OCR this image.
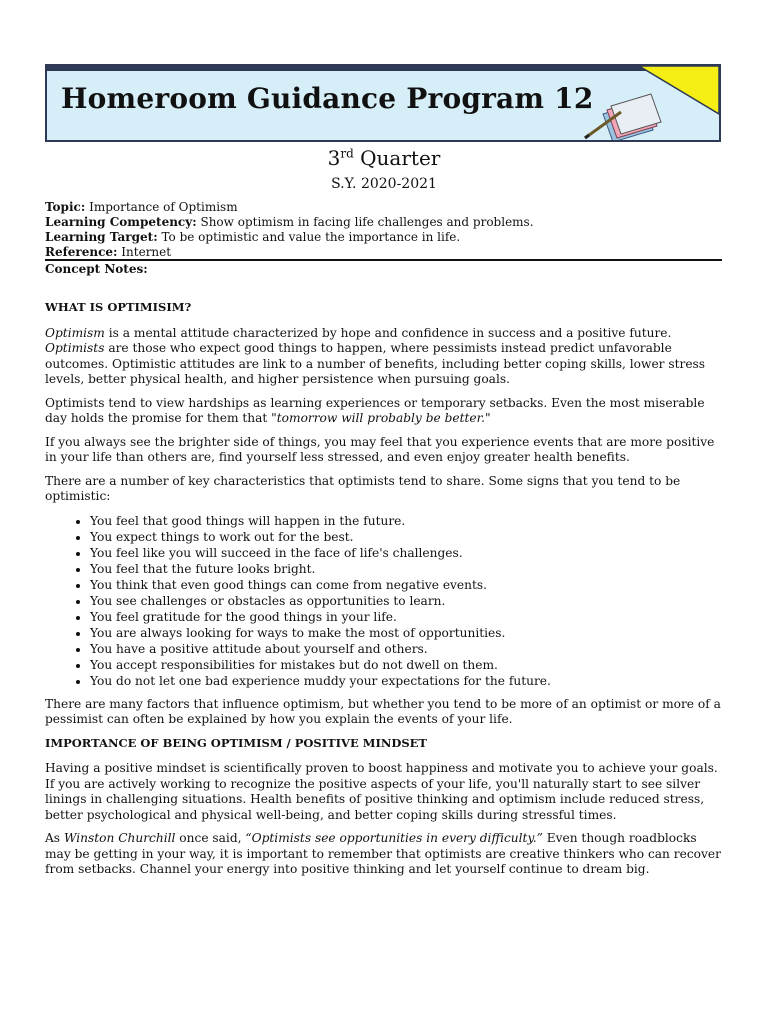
Homeroom Guidance Program 12
3rd Quarter
S.Y. 2020-2021
Topic: Importance of Optimism
Learning Competency: Show optimism in facing life challenges and problems.
Learning Target: To be optimistic and value the importance in life.
Reference: Internet
Concept Notes:
WHAT IS OPTIMISIM?

Optimism is a mental attitude characterized by hope and confidence in success and a positive future. Optimists are those who expect good things to happen, where pessimists instead predict unfavorable outcomes. Optimistic attitudes are link to a number of benefits, including better coping skills, lower stress levels, better physical health, and higher persistence when pursuing goals.

Optimists tend to view hardships as learning experiences or temporary setbacks. Even the most miserable day holds the promise for them that "tomorrow will probably be better."

If you always see the brighter side of things, you may feel that you experience events that are more positive in your life than others are, find yourself less stressed, and even enjoy greater health benefits.

There are a number of key characteristics that optimists tend to share. Some signs that you tend to be optimistic:

• You feel that good things will happen in the future.
• You expect things to work out for the best.
• You feel like you will succeed in the face of life's challenges.
• You feel that the future looks bright.
• You think that even good things can come from negative events.
• You see challenges or obstacles as opportunities to learn.
• You feel gratitude for the good things in your life.
• You are always looking for ways to make the most of opportunities.
• You have a positive attitude about yourself and others.
• You accept responsibilities for mistakes but do not dwell on them.
• You do not let one bad experience muddy your expectations for the future.

There are many factors that influence optimism, but whether you tend to be more of an optimist or more of a pessimist can often be explained by how you explain the events of your life.

IMPORTANCE OF BEING OPTIMISM / POSITIVE MINDSET

Having a positive mindset is scientifically proven to boost happiness and motivate you to achieve your goals. If you are actively working to recognize the positive aspects of your life, you'll naturally start to see silver linings in challenging situations. Health benefits of positive thinking and optimism include reduced stress, better psychological and physical well-being, and better coping skills during stressful times.

As Winston Churchill once said, “Optimists see opportunities in every difficulty.” Even though roadblocks may be getting in your way, it is important to remember that optimists are creative thinkers who can recover from setbacks. Channel your energy into positive thinking and let yourself continue to dream big.
